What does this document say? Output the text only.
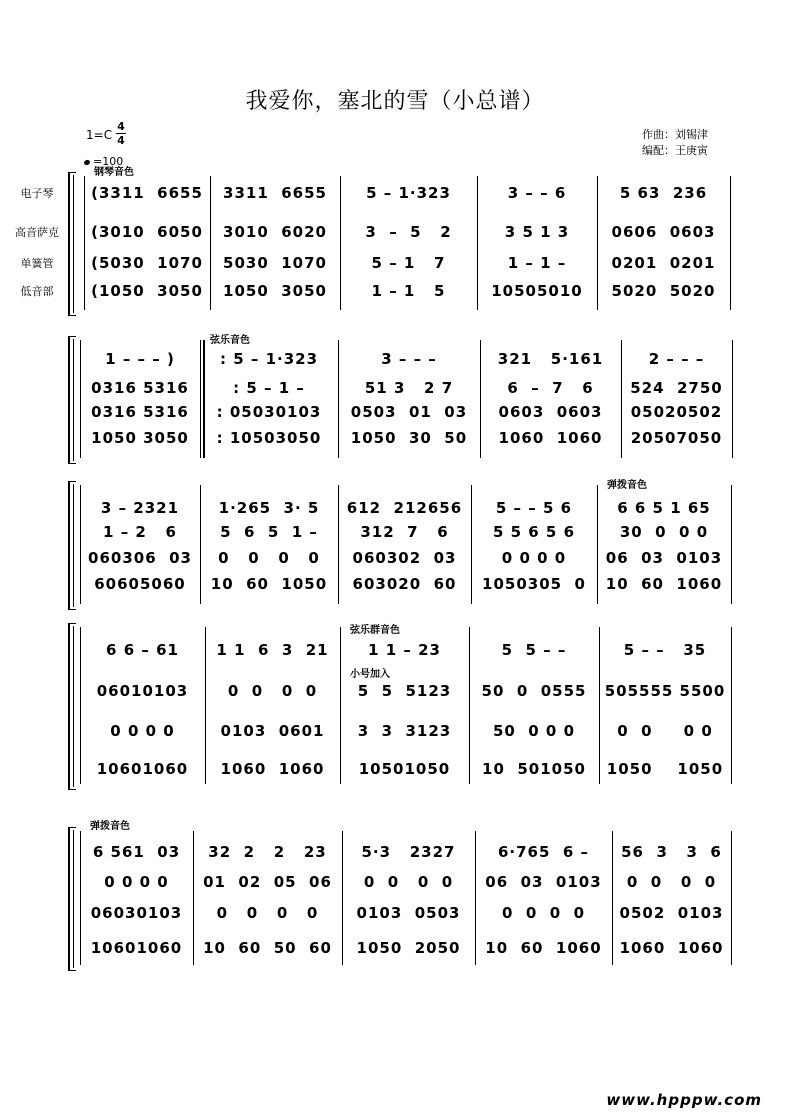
我爱你，塞北的雪（小总谱）
1=C
4
4
=100
作曲：刘锡津
编配：王庚寅
电子琴
高音萨克
单簧管
低音部
(3311  6655	3311  6655	5 – 1·323	3 – – 6	5 63  236
(3010  6050	3010  6020	3  –  5   2	3 5 1 3	0606  0603
(5030  1070	5030  1070	5 – 1   7	1 – 1 –	0201  0201
(1050  3050	1050  3050	1 – 1   5	10505010	5020  5020
钢琴音色
1 – – – )	: 5 – 1·323	3 – – –	321   5·161	2 – – –
0316 5316	: 5 – 1 –	51 3   2 7	6  –  7   6	524  2750
0316 5316	: 05030103	0503  01  03	0603  0603	05020502
1050 3050	: 10503050	1050  30  50	1060  1060	20507050
弦乐音色
3 – 2321	1·265  3· 5	612  212656	5 – – 5 6	6 6 5 1 65
1 – 2   6	5  6  5  1 –	312  7   6	5 5 6 5 6	30  0  0 0
060306  03	0   0   0   0	060302  03	0 0 0 0	06  03  0103
60605060	10  60  1050	603020  60	1050305  0	10  60  1060
弹拨音色
6 6 – 61	1 1  6  3  21	1 1 – 23	5  5 – –	5 – –   35
06010103	0  0   0  0	5  5  5123	50  0  0555	505555 5500
0 0 0 0	0103  0601	3  3  3123	50  0 0 0	0  0     0 0
10601060	1060  1060	10501050	10  501050	1050    1050
弦乐群音色
小号加入
6 561  03	32  2   2   23	5·3   2327	6·765  6 –	56  3   3  6
0 0 0 0	01  02  05  06	0  0   0  0	06  03  0103	0  0   0  0
06030103	0   0   0   0	0103  0503	0  0  0  0	0502  0103
10601060	10  60  50  60	1050  2050	10  60  1060	1060  1060
弹拨音色
www.hpppw.com
